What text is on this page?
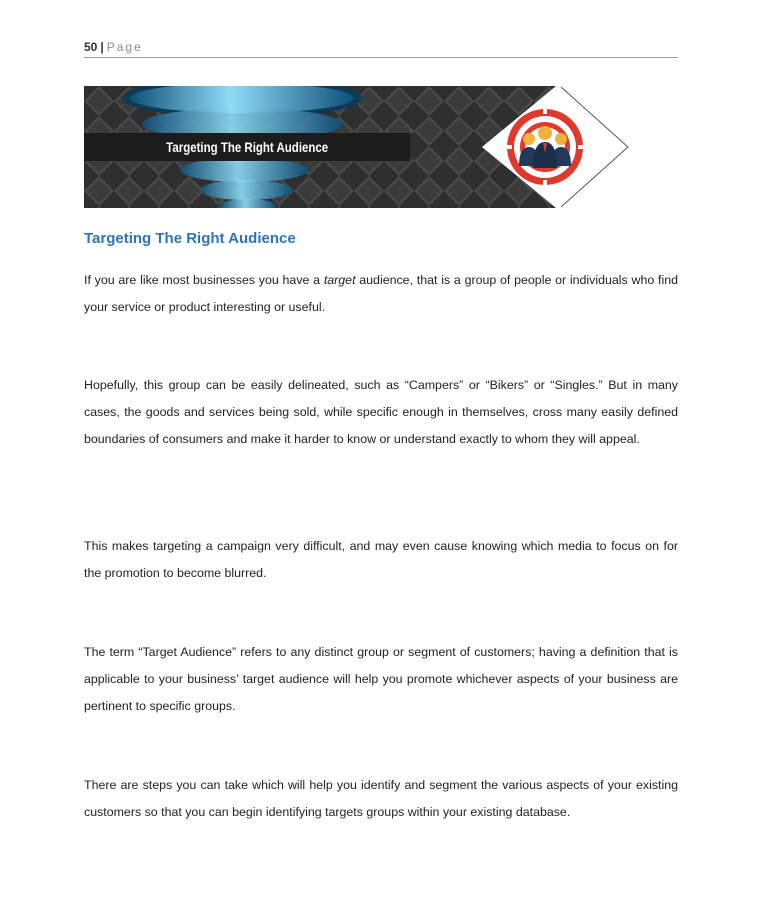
50 | Page
Targeting The Right Audience
Targeting The Right Audience
If you are like most businesses you have a target audience, that is a group of people or individuals who find your service or product interesting or useful.
Hopefully, this group can be easily delineated, such as “Campers” or “Bikers” or “Singles.” But in many cases, the goods and services being sold, while specific enough in themselves, cross many easily defined boundaries of consumers and make it harder to know or understand exactly to whom they will appeal.
This makes targeting a campaign very difficult, and may even cause knowing which media to focus on for the promotion to become blurred.
The term “Target Audience” refers to any distinct group or segment of customers; having a definition that is applicable to your business’ target audience will help you promote whichever aspects of your business are pertinent to specific groups.
There are steps you can take which will help you identify and segment the various aspects of your existing customers so that you can begin identifying targets groups within your existing database.
